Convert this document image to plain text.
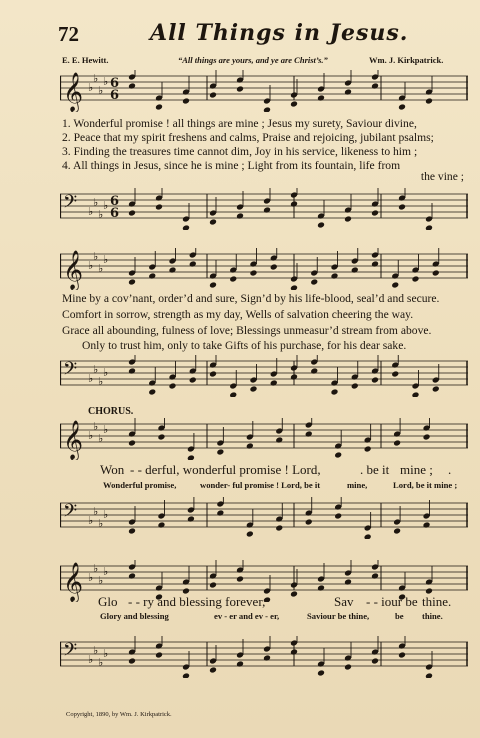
72	All Things in Jesus.
E. E. Hewitt.	“All things are yours, and ye are Christ’s.”	Wm. J. Kirkpatrick.
𝄞 ♭
♭
♭
♭
6
6
1. Wonderful promise ! all things are mine ; Jesus my surety, Saviour divine,
2. Peace that my spirit freshens and calms, Praise and rejoicing, jubilant psalms;
3. Finding the treasures time cannot dim, Joy in his service, likeness to him ;
4. All things in Jesus, since he is mine ; Light from its fountain, life from
the vine ;
𝄢 ♭
♭
♭
♭
6
6
𝄞 ♭
♭
♭
♭
Mine by a cov’nant, order’d and sure, Sign’d by his life-blood, seal’d and secure.
Comfort in sorrow, strength as my day, Wells of salvation cheering the way.
Grace all abounding, fulness of love; Blessings unmeasur’d stream from above.
Only to trust him, only to take Gifts of his purchase, for his dear sake.
𝄢 ♭
♭
♭
♭
CHORUS.
𝄞 ♭
♭
♭
♭
Won - - derful, wonderful promise ! Lord,	. be it mine ; .
Wonderful promise,	wonder- ful promise ! Lord, be it	mine,	Lord, be it mine ;
𝄢 ♭
♭
♭
♭
𝄞 ♭
♭
♭
♭
Glo - - ry and blessing forever,	Sav - - iour be thine.
Glory and blessing	ev - er and ev - er,	Saviour be thine,	be thine.
𝄢 ♭
♭
♭
♭
Copyright, 1890, by Wm. J. Kirkpatrick.
